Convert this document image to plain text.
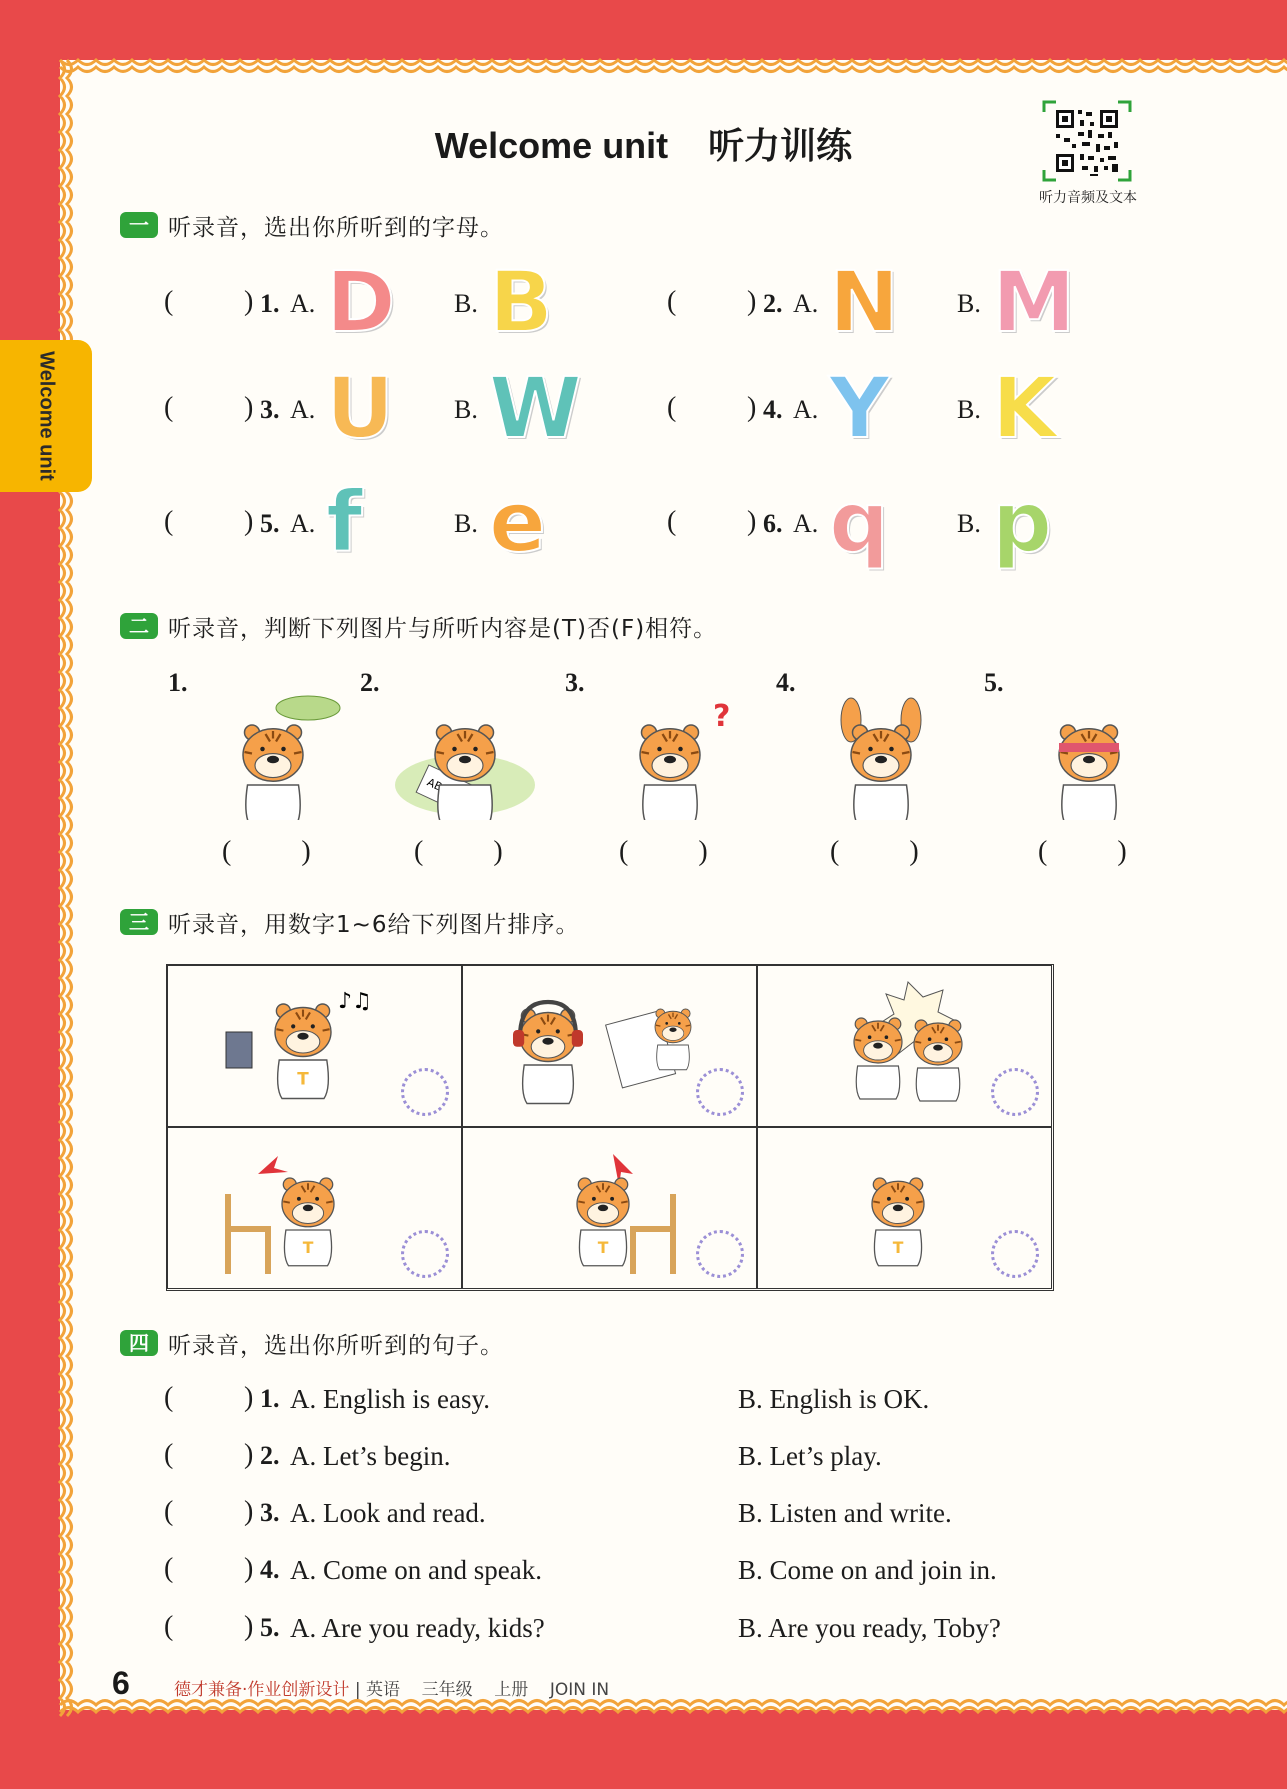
Welcome unit    听力训练
听力音频及文本
Welcome unit
一 听录音，选出你所听到的字母。
(	) 1. A. D B. B	(	) 2. A. N B. M
(	) 3. A. U B. W	(	) 4. A. Y	B. K
(	) 5. A. f	B. e	(	) 6. A. q	B. p
二 听录音，判断下列图片与所听内容是(T)否(F)相符。
1.
(          )
2.
(          )
3.
?
(          )
4.
(          )
5.
(          )
三 听录音，用数字1~6给下列图片排序。
♪♫
T
T	T	T
四 听录音，选出你所听到的句子。
(	) 1. A. English is easy.	B. English is OK.
(	) 2. A. Let’s begin.	B. Let’s play.
(	) 3. A. Look and read.	B. Listen and write.
(	) 4. A. Come on and speak.	B. Come on and join in.
(	) 5. A. Are you ready, kids?	B. Are you ready, Toby?
6	德才兼备·作业创新设计 | 英语 三年级 上册 JOIN IN
